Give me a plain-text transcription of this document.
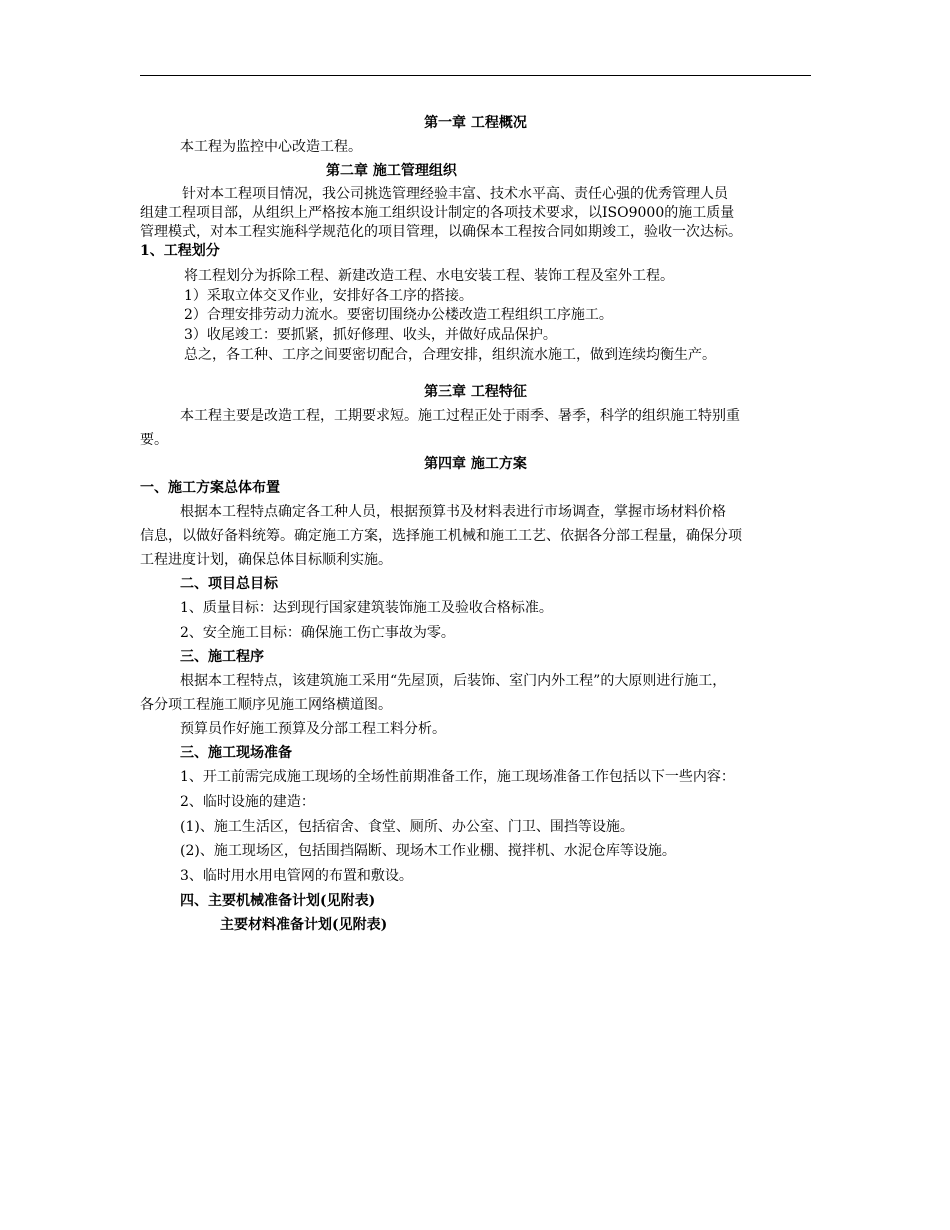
第一章 工程概况
本工程为监控中心改造工程。
第二章 施工管理组织
针对本工程项目情况，我公司挑选管理经验丰富、技术水平高、责任心强的优秀管理人员
组建工程项目部，从组织上严格按本施工组织设计制定的各项技术要求，以ISO9000的施工质量
管理模式，对本工程实施科学规范化的项目管理，以确保本工程按合同如期竣工，验收一次达标。
1、工程划分
将工程划分为拆除工程、新建改造工程、水电安装工程、装饰工程及室外工程。
1）采取立体交叉作业，安排好各工序的搭接。
2）合理安排劳动力流水。要密切围绕办公楼改造工程组织工序施工。
3）收尾竣工：要抓紧，抓好修理、收头，并做好成品保护。
总之，各工种、工序之间要密切配合，合理安排，组织流水施工，做到连续均衡生产。
第三章 工程特征
本工程主要是改造工程，工期要求短。施工过程正处于雨季、暑季，科学的组织施工特别重
要。
第四章 施工方案
一、施工方案总体布置
根据本工程特点确定各工种人员，根据预算书及材料表进行市场调查，掌握市场材料价格
信息，以做好备料统筹。确定施工方案，选择施工机械和施工工艺、依据各分部工程量，确保分项
工程进度计划，确保总体目标顺利实施。
二、项目总目标
1、质量目标：达到现行国家建筑装饰施工及验收合格标准。
2、安全施工目标：确保施工伤亡事故为零。
三、施工程序
根据本工程特点，该建筑施工采用“先屋顶，后装饰、室门内外工程”的大原则进行施工，
各分项工程施工顺序见施工网络横道图。
预算员作好施工预算及分部工程工料分析。
三、施工现场准备
1、开工前需完成施工现场的全场性前期准备工作，施工现场准备工作包括以下一些内容：
2、临时设施的建造：
(1)、施工生活区，包括宿舍、食堂、厕所、办公室、门卫、围挡等设施。
(2)、施工现场区，包括围挡隔断、现场木工作业棚、搅拌机、水泥仓库等设施。
3、临时用水用电管网的布置和敷设。
四、主要机械准备计划(见附表)
主要材料准备计划(见附表)
